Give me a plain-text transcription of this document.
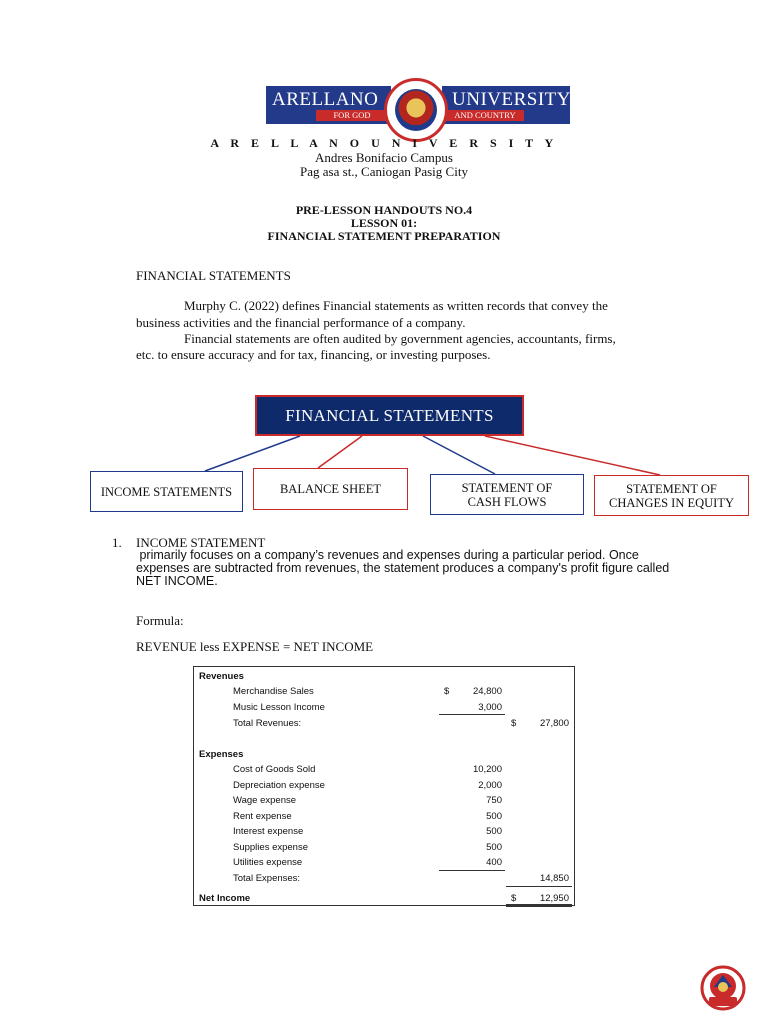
ARELLANO
FOR GOD
UNIVERSITY
AND COUNTRY
A R E L L A N O U N I V E R S I T Y
Andres Bonifacio Campus
Pag asa st., Caniogan Pasig City
PRE-LESSON HANDOUTS NO.4
LESSON 01:
FINANCIAL STATEMENT PREPARATION
FINANCIAL STATEMENTS
Murphy C. (2022) defines Financial statements as written records that convey the
business activities and the financial performance of a company.
Financial statements are often audited by government agencies, accountants, firms,
etc. to ensure accuracy and for tax, financing, or investing purposes.
FINANCIAL STATEMENTS
INCOME STATEMENTS	BALANCE SHEET	STATEMENT OF
CASH FLOWS
STATEMENT OF
CHANGES IN EQUITY
1. INCOME STATEMENT
primarily focuses on a company’s revenues and expenses during a particular period. Once
expenses are subtracted from revenues, the statement produces a company's profit figure called
NET INCOME.
Formula:
REVENUE less EXPENSE = NET INCOME
Revenues
Merchandise Sales	$	24,800
Music Lesson Income	3,000
Total Revenues:	$	27,800
Expenses
Cost of Goods Sold	10,200
Depreciation expense	2,000
Wage expense	750
Rent expense	500
Interest expense	500
Supplies expense	500
Utilities expense	400
Total Expenses:	14,850
Net Income	$	12,950
